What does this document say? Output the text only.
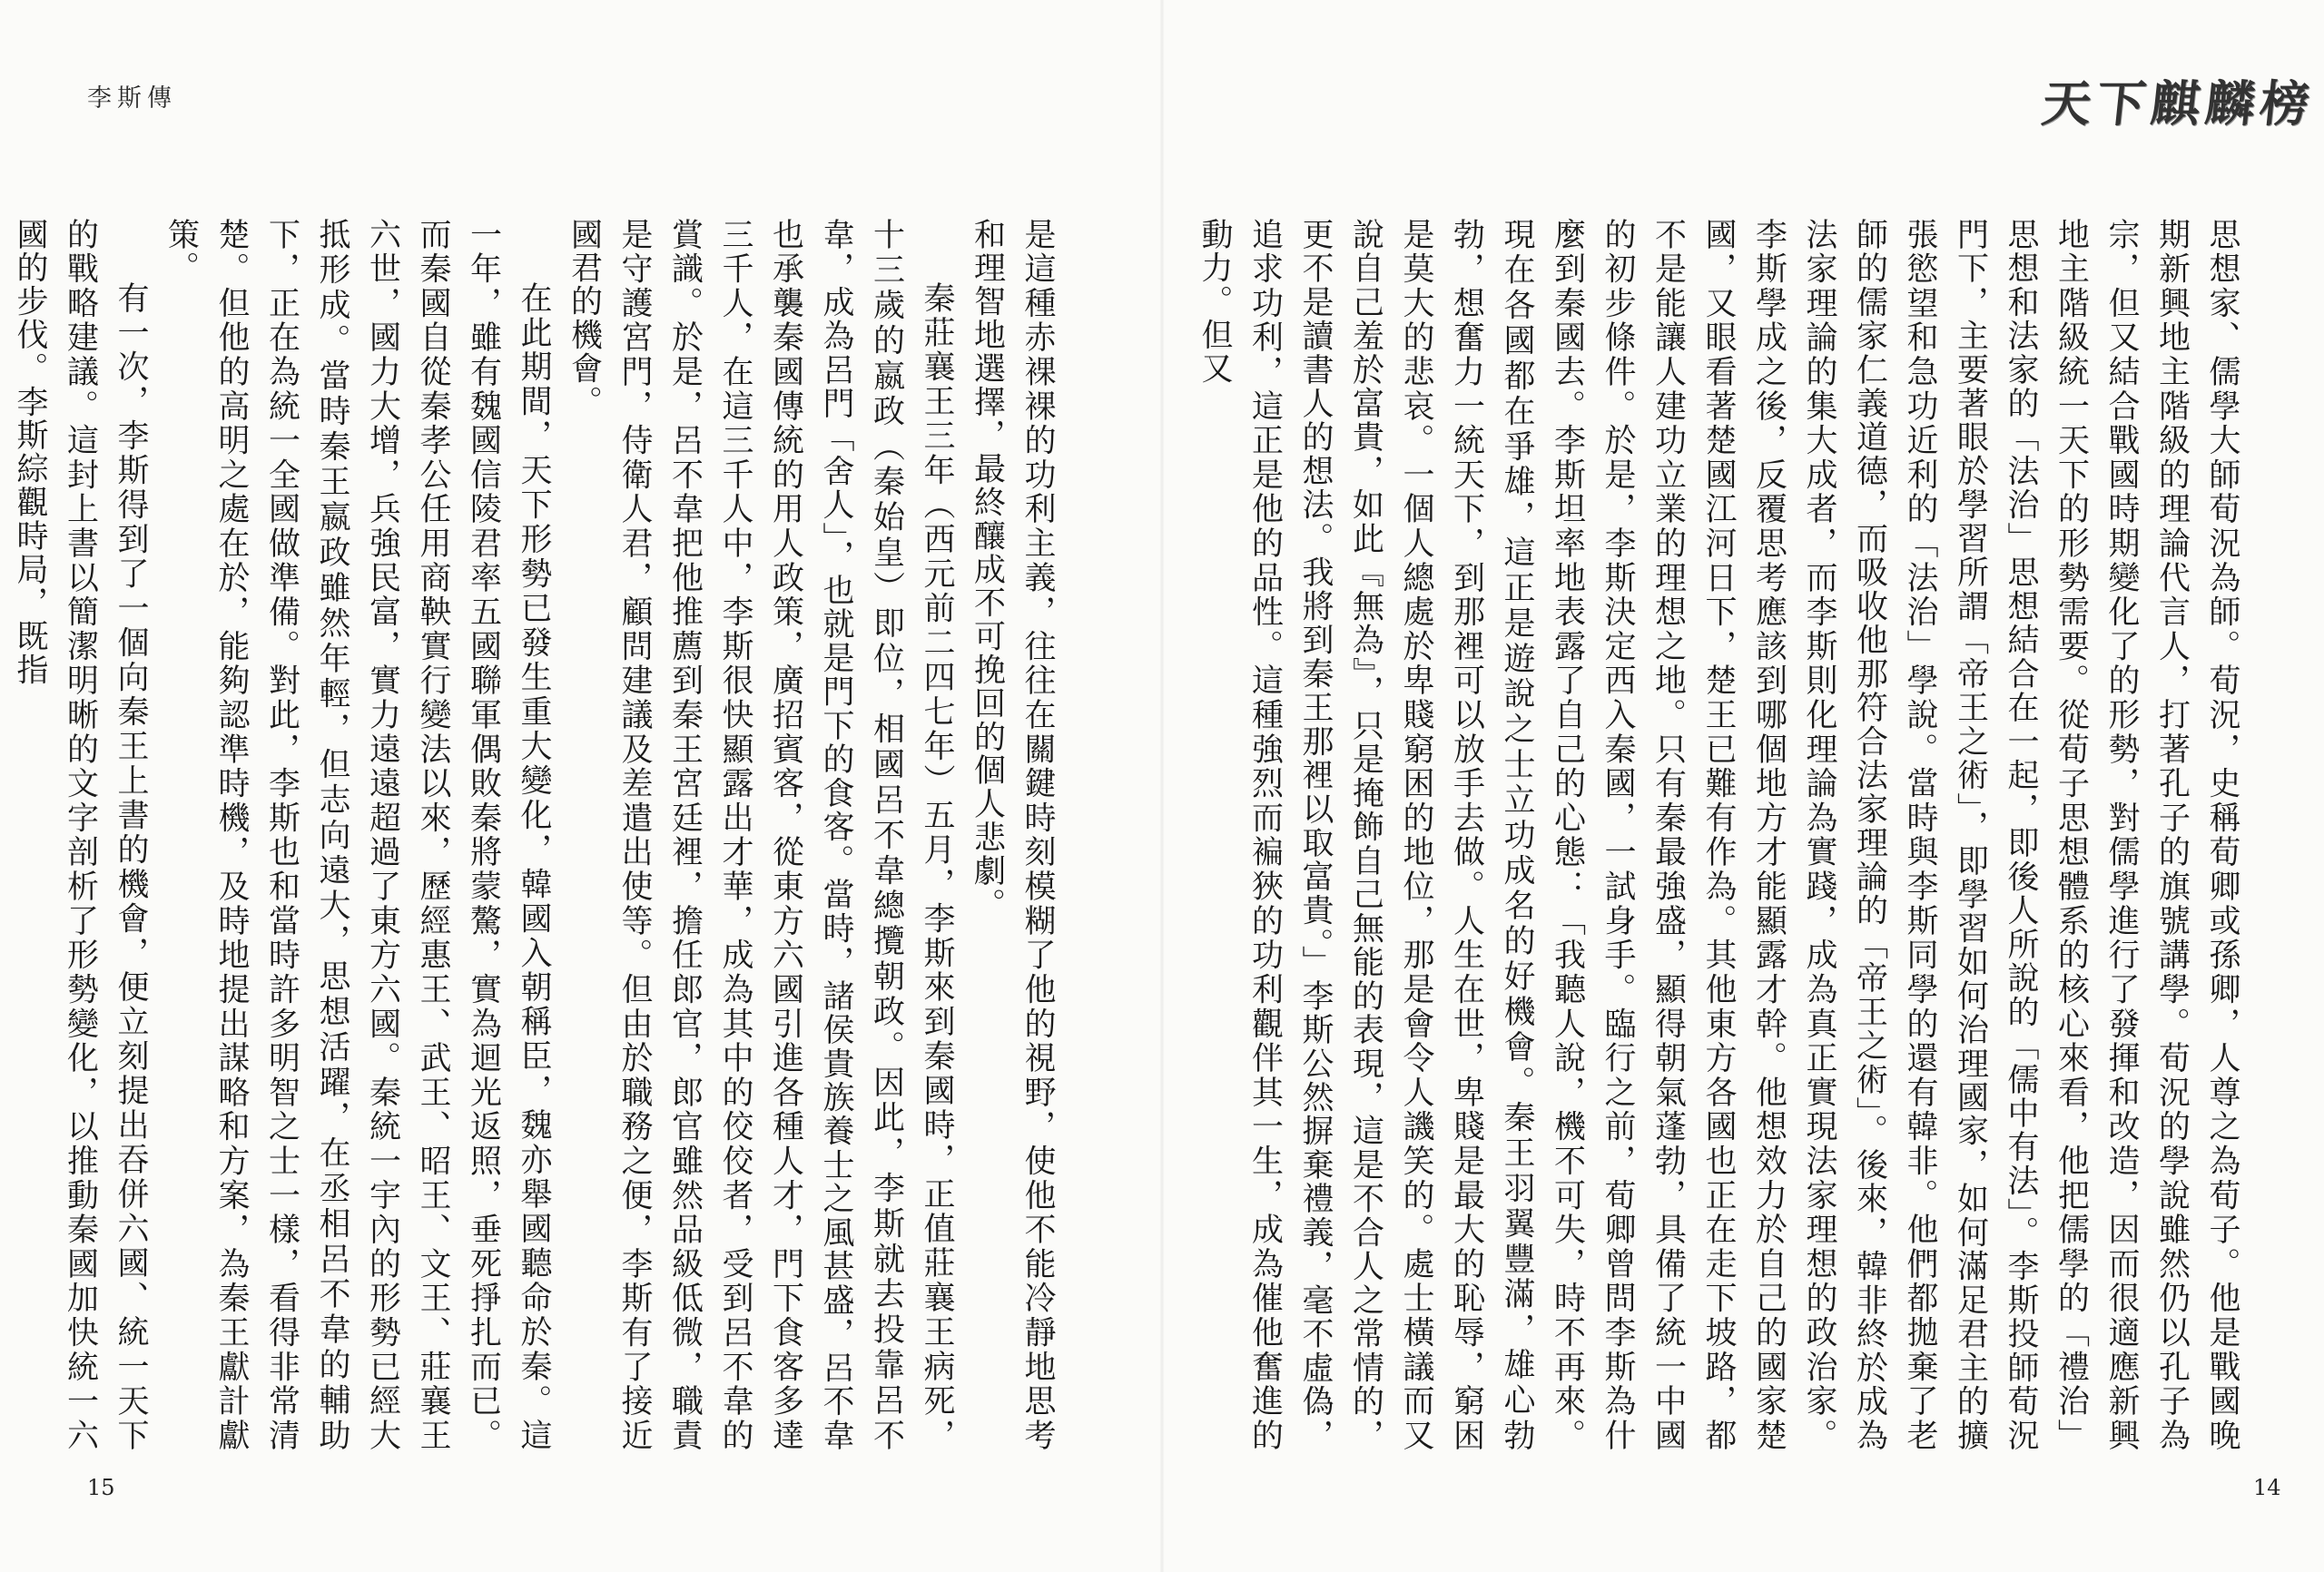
李斯傳

是這種赤裸裸的功利主義，往往在關鍵時刻模糊了他的視野，使他不能冷靜地思考和理智地選擇，最終釀成不可挽回的個人悲劇。

秦莊襄王三年（西元前二四七年）五月，李斯來到秦國時，正值莊襄王病死，十三歲的嬴政（秦始皇）即位，相國呂不韋總攬朝政。因此，李斯就去投靠呂不韋，成為呂門「舍人」，也就是門下的食客。當時，諸侯貴族養士之風甚盛，呂不韋也承襲秦國傳統的用人政策，廣招賓客，從東方六國引進各種人才，門下食客多達三千人，在這三千人中，李斯很快顯露出才華，成為其中的佼佼者，受到呂不韋的賞識。於是，呂不韋把他推薦到秦王宮廷裡，擔任郎官，郎官雖然品級低微，職責是守護宮門，侍衛人君，顧問建議及差遣出使等。但由於職務之便，李斯有了接近國君的機會。

在此期間，天下形勢已發生重大變化，韓國入朝稱臣，魏亦舉國聽命於秦。這一年，雖有魏國信陵君率五國聯軍偶敗秦將蒙驁，實為迴光返照，垂死掙扎而已。而秦國自從秦孝公任用商鞅實行變法以來，歷經惠王、武王、昭王、文王、莊襄王六世，國力大增，兵強民富，實力遠遠超過了東方六國。秦統一宇內的形勢已經大抵形成。當時秦王嬴政雖然年輕，但志向遠大，思想活躍，在丞相呂不韋的輔助下，正在為統一全國做準備。對此，李斯也和當時許多明智之士一樣，看得非常清楚。但他的高明之處在於，能夠認準時機，及時地提出謀略和方案，為秦王獻計獻策。

有一次，李斯得到了一個向秦王上書的機會，便立刻提出吞併六國、統一天下的戰略建議。這封上書以簡潔明晰的文字剖析了形勢變化，以推動秦國加快統一六國的步伐。李斯綜觀時局，既指

15
天下麒麟榜

思想家、儒學大師荀況為師。荀況，史稱荀卿或孫卿，人尊之為荀子。他是戰國晚期新興地主階級的理論代言人，打著孔子的旗號講學。荀況的學說雖然仍以孔子為宗，但又結合戰國時期變化了的形勢，對儒學進行了發揮和改造，因而很適應新興地主階級統一天下的形勢需要。從荀子思想體系的核心來看，他把儒學的「禮治」思想和法家的「法治」思想結合在一起，即後人所說的「儒中有法」。李斯投師荀況門下，主要著眼於學習所謂「帝王之術」，即學習如何治理國家，如何滿足君主的擴張慾望和急功近利的「法治」學說。當時與李斯同學的還有韓非。他們都拋棄了老師的儒家仁義道德，而吸收他那符合法家理論的「帝王之術」。後來，韓非終於成為法家理論的集大成者，而李斯則化理論為實踐，成為真正實現法家理想的政治家。李斯學成之後，反覆思考應該到哪個地方才能顯露才幹。他想效力於自己的國家楚國，又眼看著楚國江河日下，楚王已難有作為。其他東方各國也正在走下坡路，都不是能讓人建功立業的理想之地。只有秦最強盛，顯得朝氣蓬勃，具備了統一中國的初步條件。於是，李斯決定西入秦國，一試身手。臨行之前，荀卿曾問李斯為什麼到秦國去。李斯坦率地表露了自己的心態：「我聽人說，機不可失，時不再來。現在各國都在爭雄，這正是遊說之士立功成名的好機會。秦王羽翼豐滿，雄心勃勃，想奮力一統天下，到那裡可以放手去做。人生在世，卑賤是最大的恥辱，窮困是莫大的悲哀。一個人總處於卑賤窮困的地位，那是會令人譏笑的。處士橫議而又說自己羞於富貴，如此『無為』，只是掩飾自己無能的表現，這是不合人之常情的，更不是讀書人的想法。我將到秦王那裡以取富貴。」李斯公然摒棄禮義，毫不虛偽，追求功利，這正是他的品性。這種強烈而褊狹的功利觀伴其一生，成為催他奮進的動力。但又

14
